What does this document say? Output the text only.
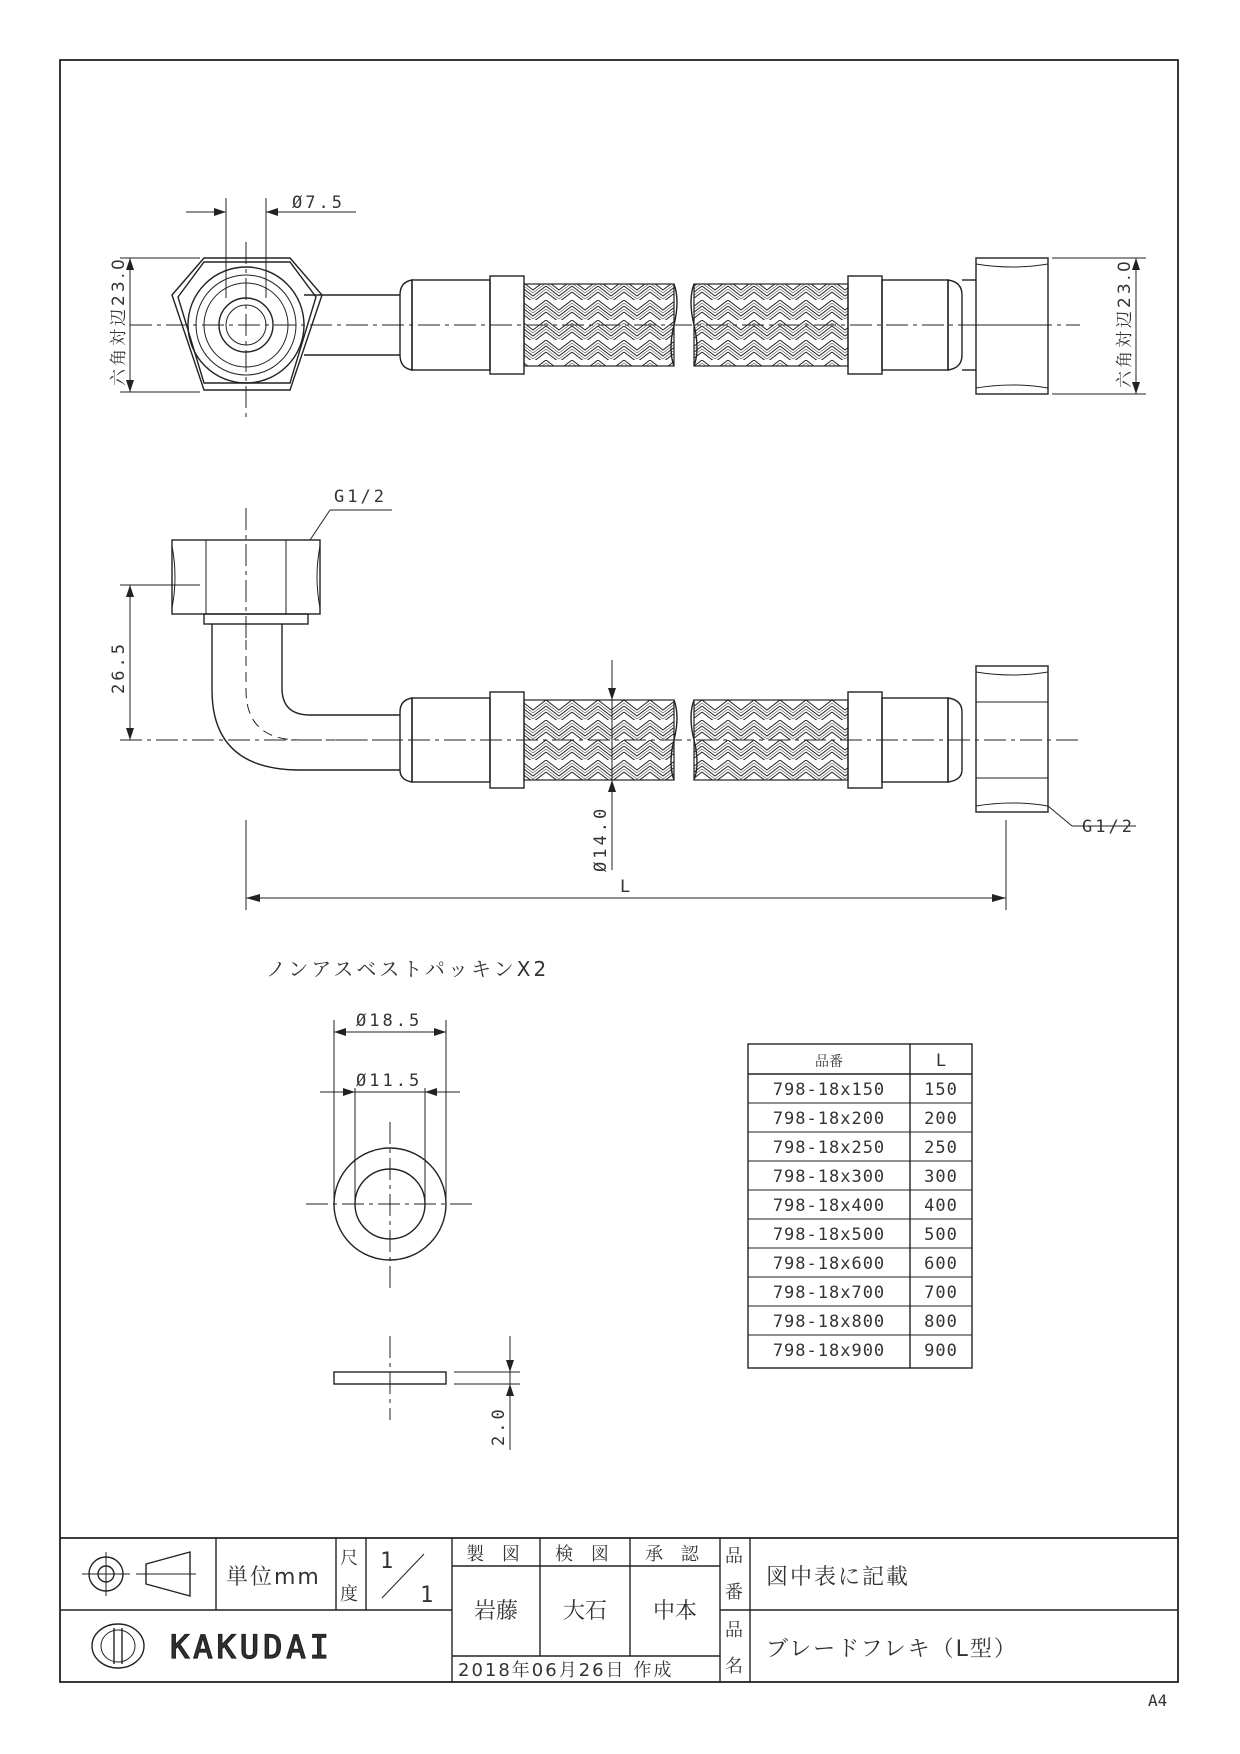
Ø7.5
六角対辺23.0	六角対辺23.0
G1/2
G1/2
26.5
Ø14.0
L
ノンアスベストパッキンX2
Ø18.5
Ø11.5
2.0
品番	L
798-18x150 150
798-18x200 200
798-18x250 250
798-18x300 300
798-18x400 400
798-18x500 500
798-18x600 600
798-18x700 700
798-18x800 800
798-18x900 900
単位mm
尺
度
1
1
製 図 検 図 承 認
岩藤 大石 中本
2018年06月26日 作成
品
番
図中表に記載
品
名
ブレードフレキ（L型）
KAKUDAI
A4
